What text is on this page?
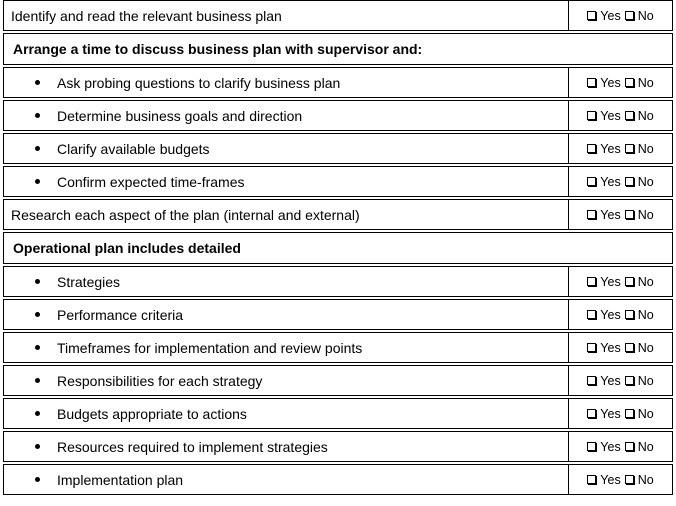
Identify and read the relevant business plan	Yes No
Arrange a time to discuss business plan with supervisor and:
Ask probing questions to clarify business plan	Yes No
Determine business goals and direction	Yes No
Clarify available budgets	Yes No
Confirm expected time-frames	Yes No
Research each aspect of the plan (internal and external)	Yes No
Operational plan includes detailed
Strategies	Yes No
Performance criteria	Yes No
Timeframes for implementation and review points	Yes No
Responsibilities for each strategy	Yes No
Budgets appropriate to actions	Yes No
Resources required to implement strategies	Yes No
Implementation plan	Yes No
